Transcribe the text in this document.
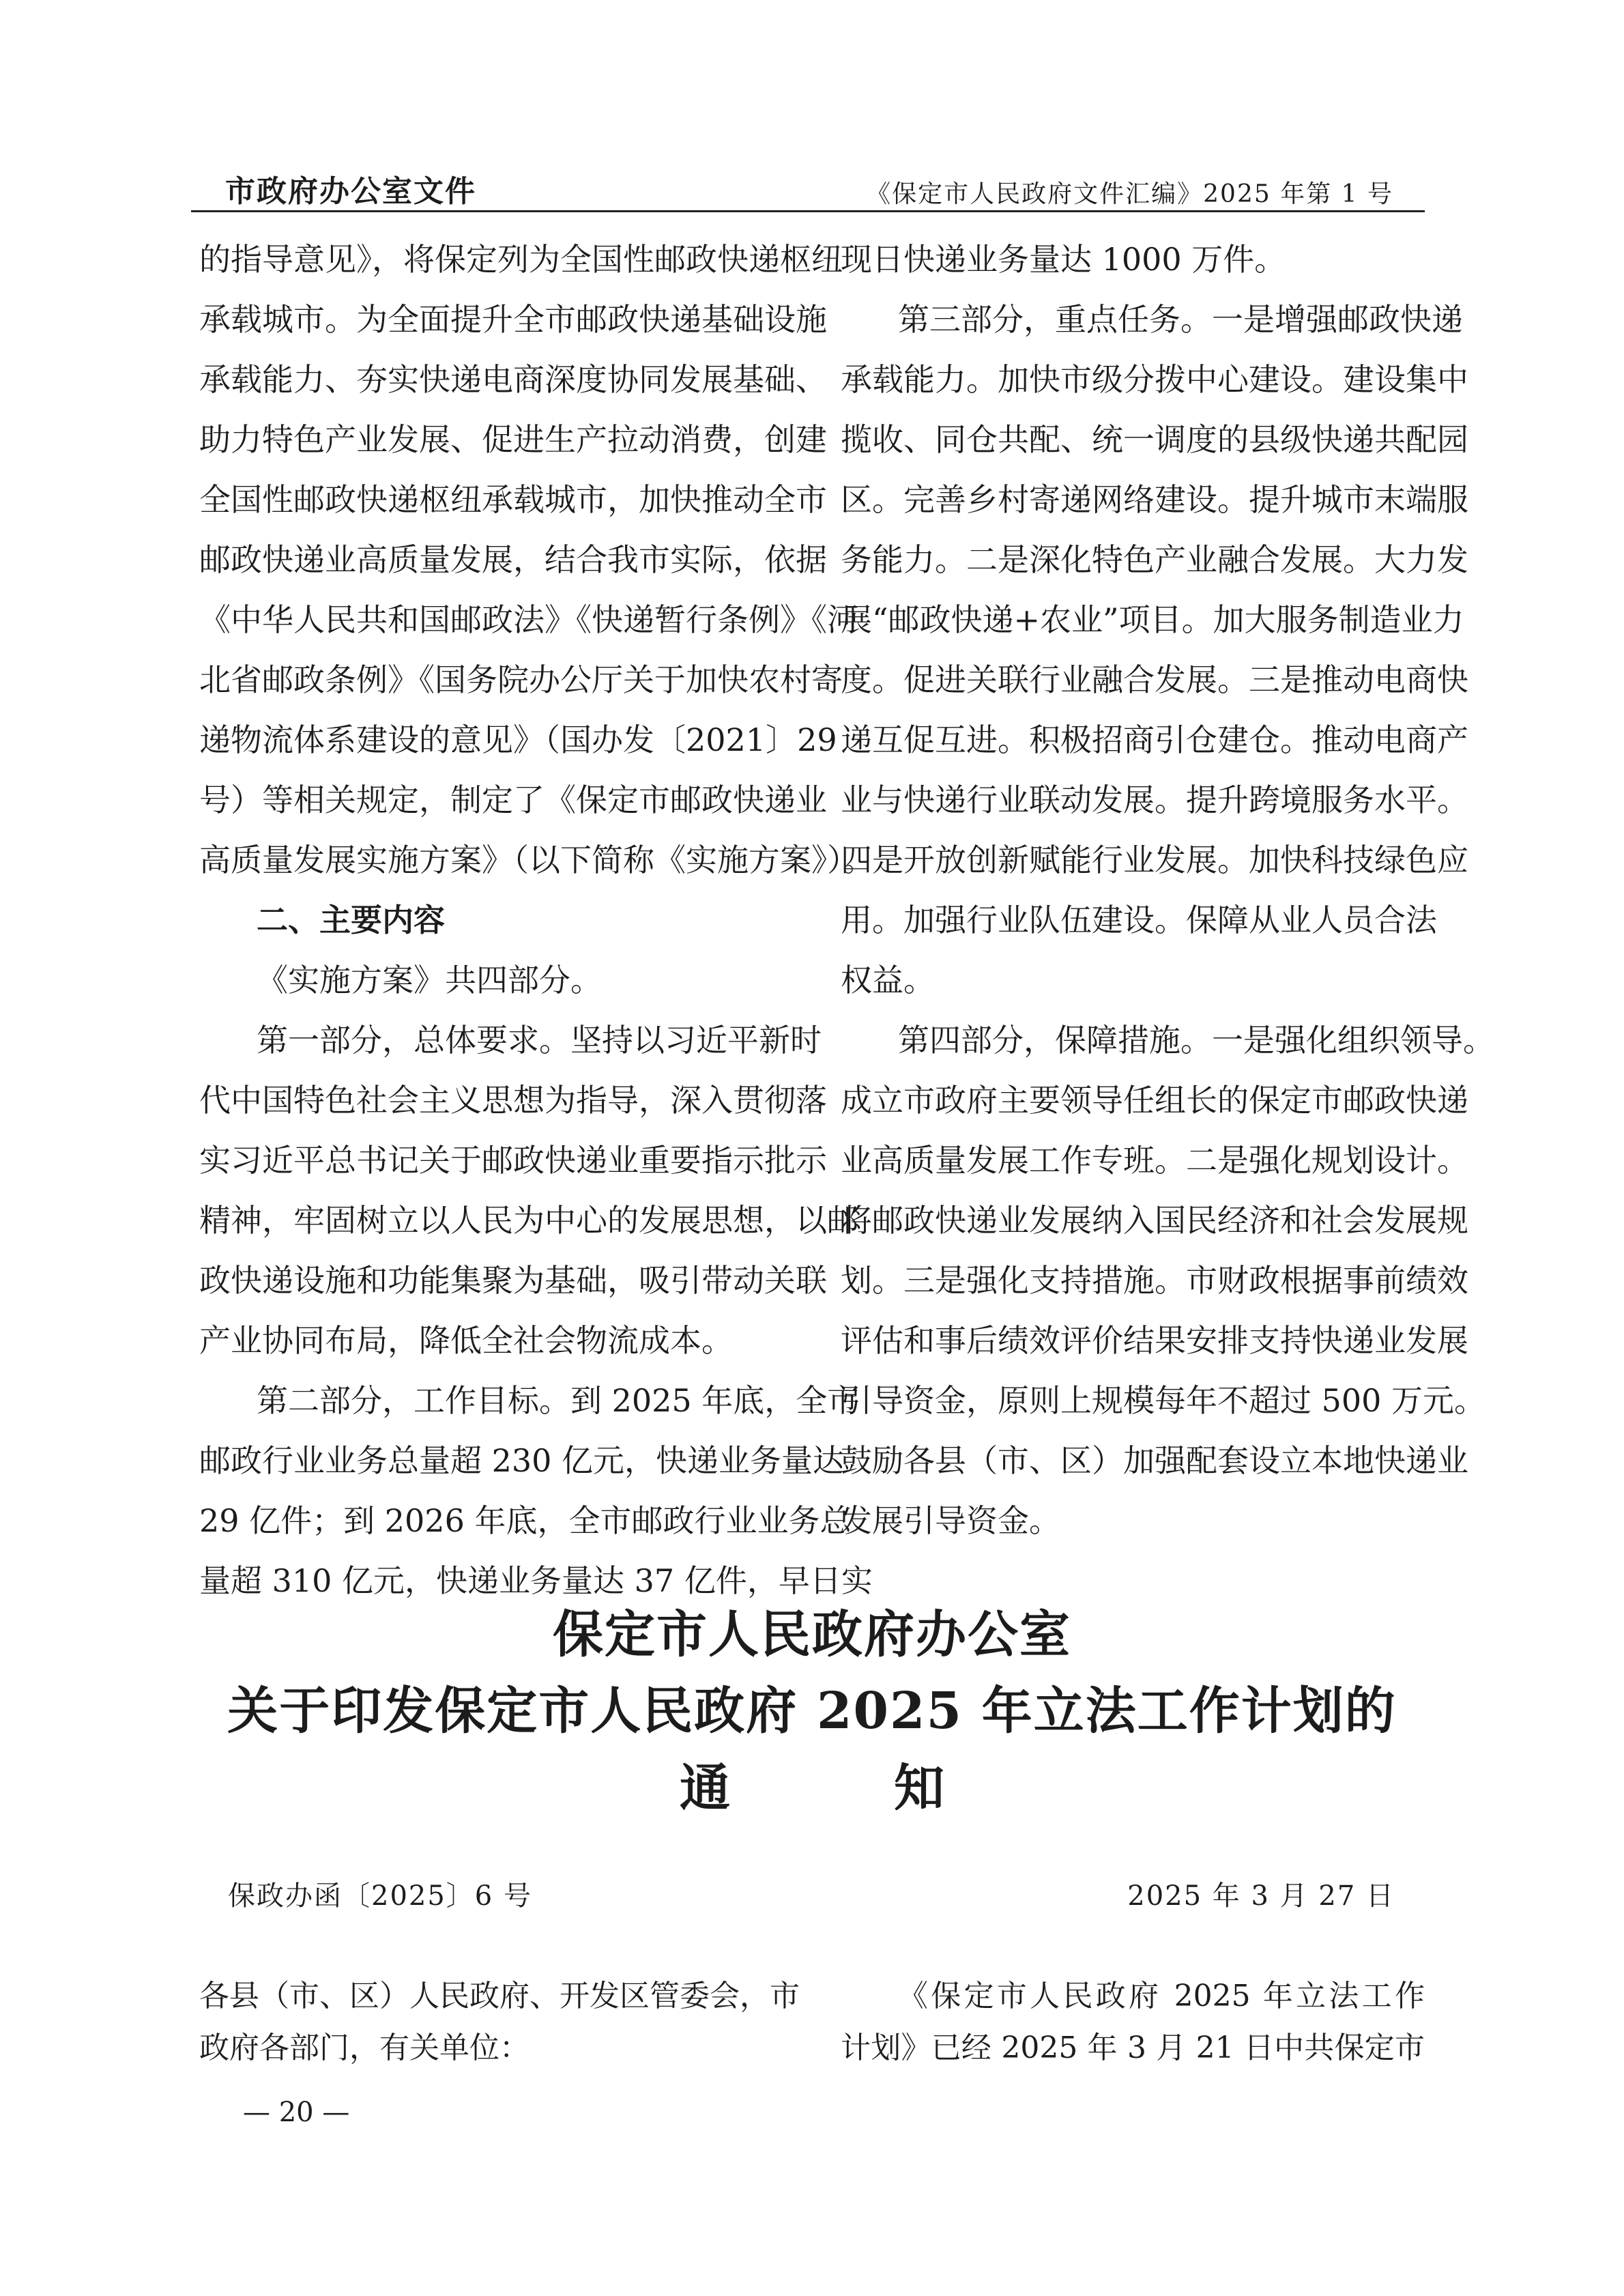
市政府办公室文件	《保定市人民政府文件汇编》2025 年第 1 号
的指导意见》，将保定列为全国性邮政快递枢纽
承载城市。为全面提升全市邮政快递基础设施
承载能力、夯实快递电商深度协同发展基础、
助力特色产业发展、促进生产拉动消费，创建
全国性邮政快递枢纽承载城市，加快推动全市
邮政快递业高质量发展，结合我市实际，依据
《中华人民共和国邮政法》《快递暂行条例》《河
北省邮政条例》《国务院办公厅关于加快农村寄
递物流体系建设的意见》（国办发〔2021〕29
号）等相关规定，制定了《保定市邮政快递业
高质量发展实施方案》（以下简称《实施方案》）。
二、主要内容
《实施方案》共四部分。
第一部分，总体要求。坚持以习近平新时
代中国特色社会主义思想为指导，深入贯彻落
实习近平总书记关于邮政快递业重要指示批示
精神，牢固树立以人民为中心的发展思想，以邮
政快递设施和功能集聚为基础，吸引带动关联
产业协同布局，降低全社会物流成本。
第二部分，工作目标。到 2025 年底，全市
邮政行业业务总量超 230 亿元，快递业务量达
29 亿件；到 2026 年底，全市邮政行业业务总
量超 310 亿元，快递业务量达 37 亿件，早日实
现日快递业务量达 1000 万件。
第三部分，重点任务。一是增强邮政快递
承载能力。加快市级分拨中心建设。建设集中
揽收、同仓共配、统一调度的县级快递共配园
区。完善乡村寄递网络建设。提升城市末端服
务能力。二是深化特色产业融合发展。大力发
展“邮政快递+农业”项目。加大服务制造业力
度。促进关联行业融合发展。三是推动电商快
递互促互进。积极招商引仓建仓。推动电商产
业与快递行业联动发展。提升跨境服务水平。
四是开放创新赋能行业发展。加快科技绿色应
用。加强行业队伍建设。保障从业人员合法
权益。
第四部分，保障措施。一是强化组织领导。
成立市政府主要领导任组长的保定市邮政快递
业高质量发展工作专班。二是强化规划设计。
将邮政快递业发展纳入国民经济和社会发展规
划。三是强化支持措施。市财政根据事前绩效
评估和事后绩效评价结果安排支持快递业发展
引导资金，原则上规模每年不超过 500 万元。
鼓励各县（市、区）加强配套设立本地快递业
发展引导资金。
保定市人民政府办公室
关于印发保定市人民政府 2025 年立法工作计划的
通	知
保政办函〔2025〕6 号	2025 年 3 月 27 日
各县（市、区）人民政府、开发区管委会，市
政府各部门，有关单位：
《保定市人民政府 2025 年立法工作
计划》已经 2025 年 3 月 21 日中共保定市
— 20 —
